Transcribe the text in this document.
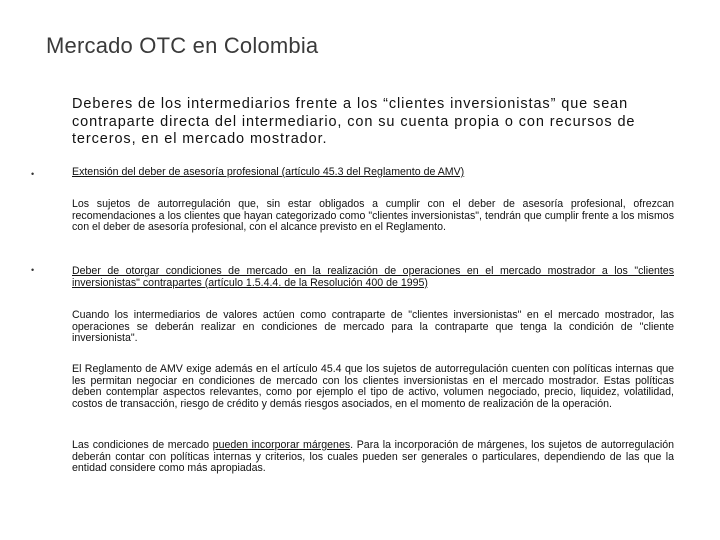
Mercado OTC en Colombia
Deberes de los intermediarios frente a los “clientes inversionistas” que sean contraparte directa del intermediario, con su cuenta propia o con recursos de terceros, en el mercado mostrador.
•	Extensión del deber de asesoría profesional (artículo 45.3 del Reglamento de AMV)
Los sujetos de autorregulación que, sin estar obligados a cumplir con el deber de asesoría profesional, ofrezcan recomendaciones a los clientes que hayan categorizado como "clientes inversionistas", tendrán que cumplir frente a los mismos con el deber de asesoría profesional, con el alcance previsto en el Reglamento.
•	Deber de otorgar condiciones de mercado en la realización de operaciones en el mercado mostrador a los "clientes inversionistas" contrapartes (artículo 1.5.4.4. de la Resolución 400 de 1995)
Cuando los intermediarios de valores actúen como contraparte de "clientes inversionistas" en el mercado mostrador, las operaciones se deberán realizar en condiciones de mercado para la contraparte que tenga la condición de "cliente inversionista".
El Reglamento de AMV exige además en el artículo 45.4 que los sujetos de autorregulación cuenten con políticas internas que les permitan negociar en condiciones de mercado con los clientes inversionistas en el mercado mostrador. Estas políticas deben contemplar aspectos relevantes, como por ejemplo el tipo de activo, volumen negociado, precio, liquidez, volatilidad, costos de transacción, riesgo de crédito y demás riesgos asociados, en el momento de realización de la operación.
Las condiciones de mercado pueden incorporar márgenes. Para la incorporación de márgenes, los sujetos de autorregulación deberán contar con políticas internas y criterios, los cuales pueden ser generales o particulares, dependiendo de las que la entidad considere como más apropiadas.
